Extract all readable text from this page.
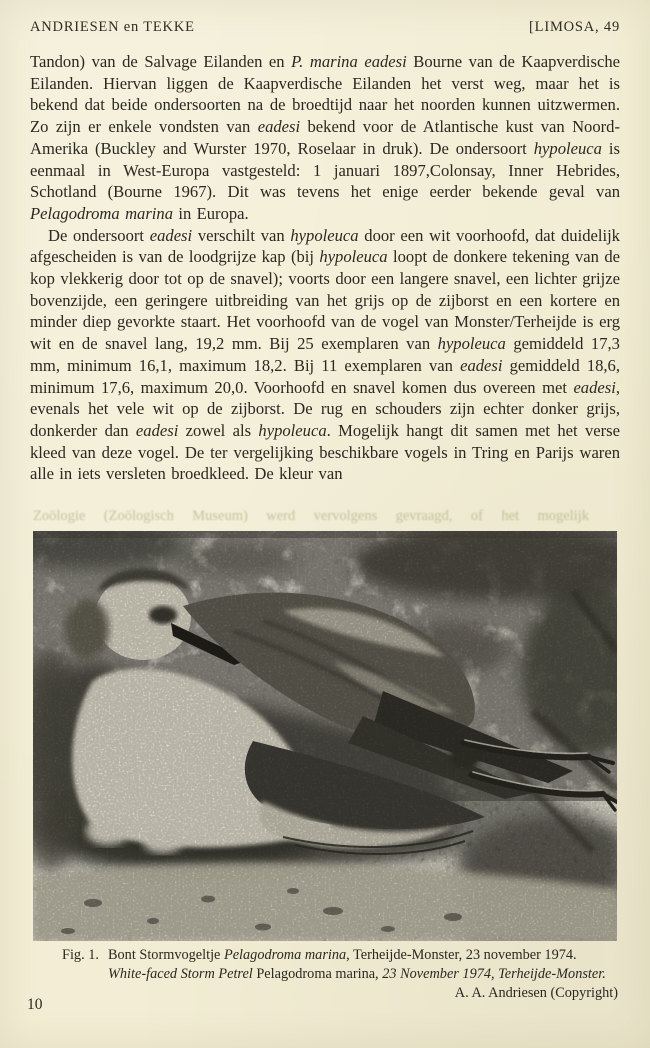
ANDRIESEN en TEKKE	[LIMOSA, 49

Tandon) van de Salvage Eilanden en P. marina eadesi Bourne van de Kaapverdische Eilanden. Hiervan liggen de Kaapverdische Eilanden het verst weg, maar het is bekend dat beide ondersoorten na de broedtijd naar het noorden kunnen uitzwermen. Zo zijn er enkele vondsten van eadesi bekend voor de Atlantische kust van Noord-Amerika (Buckley and Wurster 1970, Roselaar in druk). De ondersoort hypoleuca is eenmaal in West-Europa vastgesteld: 1 januari 1897,Colonsay, Inner Hebrides, Schotland (Bourne 1967). Dit was tevens het enige eerder bekende geval van Pelagodroma marina in Europa.

De ondersoort eadesi verschilt van hypoleuca door een wit voorhoofd, dat duidelijk afgescheiden is van de loodgrijze kap (bij hypoleuca loopt de donkere tekening van de kop vlekkerig door tot op de snavel); voorts door een langere snavel, een lichter grijze bovenzijde, een geringere uitbreiding van het grijs op de zijborst en een kortere en minder diep gevorkte staart. Het voorhoofd van de vogel van Monster/Terheijde is erg wit en de snavel lang, 19,2 mm. Bij 25 exemplaren van hypoleuca gemiddeld 17,3 mm, minimum 16,1, maximum 18,2. Bij 11 exemplaren van eadesi gemiddeld 18,6, minimum 17,6, maximum 20,0. Voorhoofd en snavel komen dus overeen met eadesi, evenals het vele wit op de zijborst. De rug en schouders zijn echter donker grijs, donkerder dan eadesi zowel als hypoleuca. Mogelijk hangt dit samen met het verse kleed van deze vogel. De ter vergelijking beschikbare vogels in Tring en Parijs waren alle in iets versleten broedkleed. De kleur van

Zoölogie (Zoölogisch Museum) werd vervolgens gevraagd, of het mogelijk
Fig. 1. Bont Stormvogeltje Pelagodroma marina, Terheijde-Monster, 23 november 1974.
White-faced Storm Petrel Pelagodroma marina, 23 November 1974, Terheijde-Monster.
A. A. Andriesen (Copyright)
10
